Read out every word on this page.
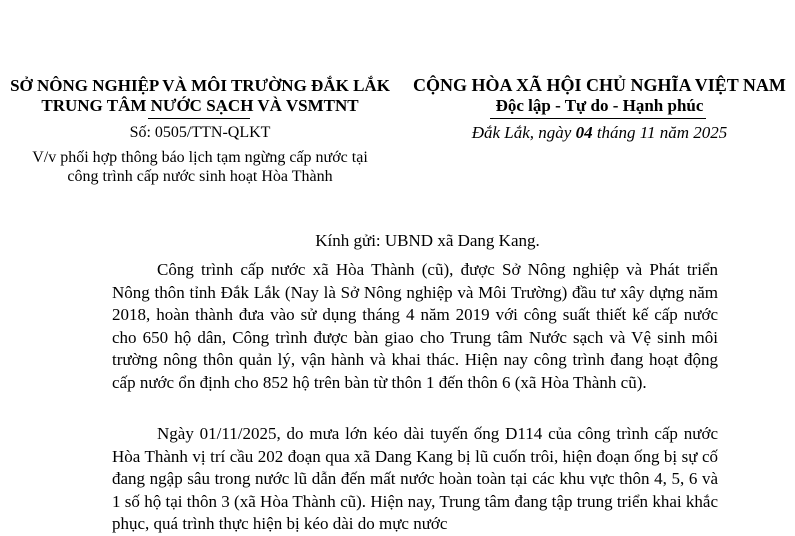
SỞ NÔNG NGHIỆP VÀ MÔI TRƯỜNG ĐẮK LẮK
TRUNG TÂM NƯỚC SẠCH VÀ VSMTNT
CỘNG HÒA XÃ HỘI CHỦ NGHĨA VIỆT NAM
Độc lập - Tự do - Hạnh phúc
Số: 0505/TTN-QLKT	Đắk Lắk, ngày 04 tháng 11 năm 2025
V/v phối hợp thông báo lịch tạm ngừng cấp nước tại
công trình cấp nước sinh hoạt Hòa Thành
Kính gửi: UBND xã Dang Kang.

Công trình cấp nước xã Hòa Thành (cũ), được Sở Nông nghiệp và Phát triển Nông thôn tỉnh Đắk Lắk (Nay là Sở Nông nghiệp và Môi Trường) đầu tư xây dựng năm 2018, hoàn thành đưa vào sử dụng tháng 4 năm 2019 với công suất thiết kế cấp nước cho 650 hộ dân, Công trình được bàn giao cho Trung tâm Nước sạch và Vệ sinh môi trường nông thôn quản lý, vận hành và khai thác. Hiện nay công trình đang hoạt động cấp nước ổn định cho 852 hộ trên bàn từ thôn 1 đến thôn 6 (xã Hòa Thành cũ).

Ngày 01/11/2025, do mưa lớn kéo dài tuyến ống D114 của công trình cấp nước Hòa Thành vị trí cầu 202 đoạn qua xã Dang Kang bị lũ cuốn trôi, hiện đoạn ống bị sự cố đang ngập sâu trong nước lũ dẫn đến mất nước hoàn toàn tại các khu vực thôn 4, 5, 6 và 1 số hộ tại thôn 3 (xã Hòa Thành cũ). Hiện nay, Trung tâm đang tập trung triển khai khắc phục, quá trình thực hiện bị kéo dài do mực nước
